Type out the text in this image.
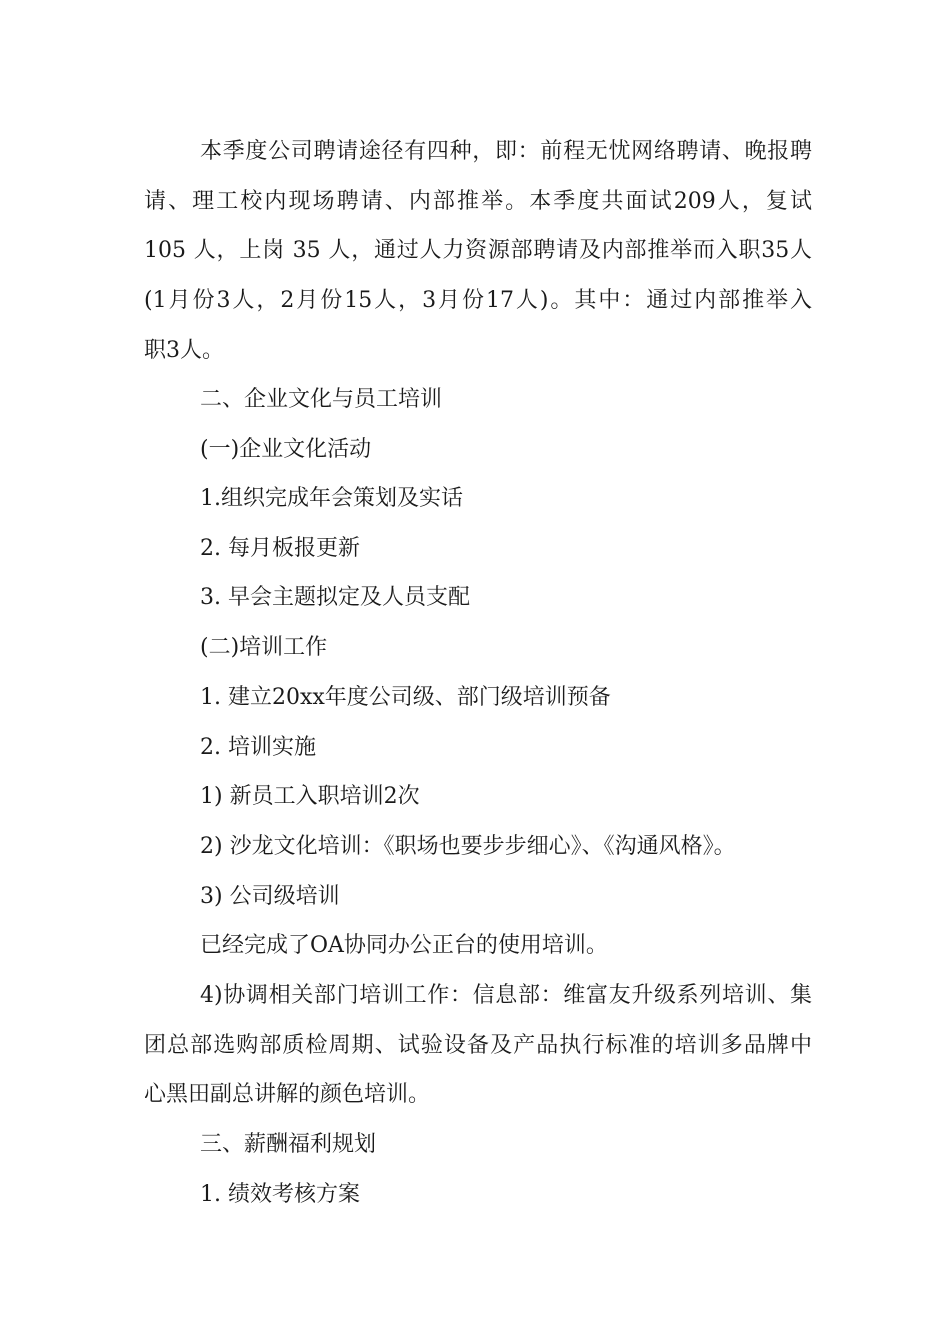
本季度公司聘请途径有四种，即：前程无忧网络聘请、晚报聘
请、理工校内现场聘请、内部推举。本季度共面试209人，复试
105 人，上岗 35 人，通过人力资源部聘请及内部推举而入职35人
(1月份3人，2月份15人，3月份17人)。其中：通过内部推举入
职3人。
二、企业文化与员工培训
(一)企业文化活动
1.组织完成年会策划及实话
2. 每月板报更新
3. 早会主题拟定及人员支配
(二)培训工作
1. 建立20xx年度公司级、部门级培训预备
2. 培训实施
1) 新员工入职培训2次
2) 沙龙文化培训：《职场也要步步细心》、《沟通风格》。
3) 公司级培训
已经完成了OA协同办公正台的使用培训。
4)协调相关部门培训工作：信息部：维富友升级系列培训、集
团总部选购部质检周期、试验设备及产品执行标准的培训多品牌中
心黑田副总讲解的颜色培训。
三、薪酬福利规划
1. 绩效考核方案
